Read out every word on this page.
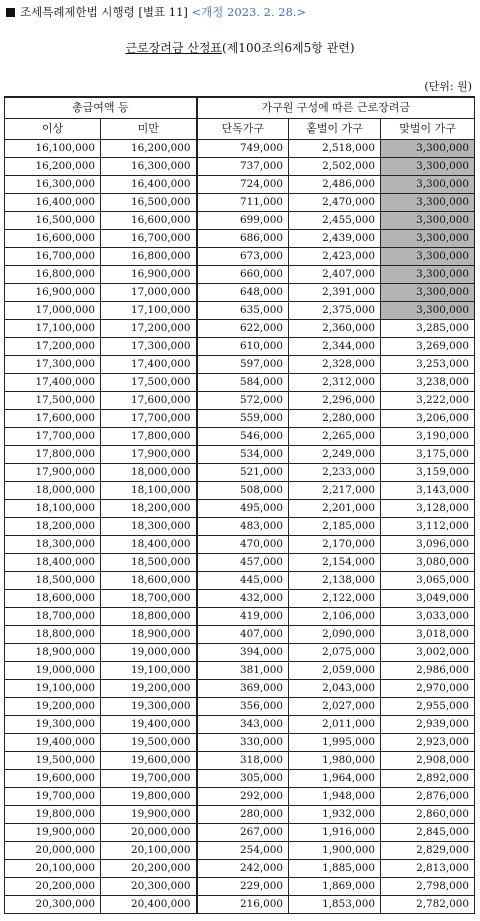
조세특례제한법 시행령 [별표 11] <개정 2023. 2. 28.>
근로장려금 산정표(제100조의6제5항 관련)
(단위: 원)
총급여액 등		가구원 구성에 따른 근로장려금		
이상	미만	단독가구	홑벌이 가구	맞벌이 가구
16,100,000	16,200,000	749,000	2,518,000	3,300,000
16,200,000	16,300,000	737,000	2,502,000	3,300,000
16,300,000	16,400,000	724,000	2,486,000	3,300,000
16,400,000	16,500,000	711,000	2,470,000	3,300,000
16,500,000	16,600,000	699,000	2,455,000	3,300,000
16,600,000	16,700,000	686,000	2,439,000	3,300,000
16,700,000	16,800,000	673,000	2,423,000	3,300,000
16,800,000	16,900,000	660,000	2,407,000	3,300,000
16,900,000	17,000,000	648,000	2,391,000	3,300,000
17,000,000	17,100,000	635,000	2,375,000	3,300,000
17,100,000	17,200,000	622,000	2,360,000	3,285,000
17,200,000	17,300,000	610,000	2,344,000	3,269,000
17,300,000	17,400,000	597,000	2,328,000	3,253,000
17,400,000	17,500,000	584,000	2,312,000	3,238,000
17,500,000	17,600,000	572,000	2,296,000	3,222,000
17,600,000	17,700,000	559,000	2,280,000	3,206,000
17,700,000	17,800,000	546,000	2,265,000	3,190,000
17,800,000	17,900,000	534,000	2,249,000	3,175,000
17,900,000	18,000,000	521,000	2,233,000	3,159,000
18,000,000	18,100,000	508,000	2,217,000	3,143,000
18,100,000	18,200,000	495,000	2,201,000	3,128,000
18,200,000	18,300,000	483,000	2,185,000	3,112,000
18,300,000	18,400,000	470,000	2,170,000	3,096,000
18,400,000	18,500,000	457,000	2,154,000	3,080,000
18,500,000	18,600,000	445,000	2,138,000	3,065,000
18,600,000	18,700,000	432,000	2,122,000	3,049,000
18,700,000	18,800,000	419,000	2,106,000	3,033,000
18,800,000	18,900,000	407,000	2,090,000	3,018,000
18,900,000	19,000,000	394,000	2,075,000	3,002,000
19,000,000	19,100,000	381,000	2,059,000	2,986,000
19,100,000	19,200,000	369,000	2,043,000	2,970,000
19,200,000	19,300,000	356,000	2,027,000	2,955,000
19,300,000	19,400,000	343,000	2,011,000	2,939,000
19,400,000	19,500,000	330,000	1,995,000	2,923,000
19,500,000	19,600,000	318,000	1,980,000	2,908,000
19,600,000	19,700,000	305,000	1,964,000	2,892,000
19,700,000	19,800,000	292,000	1,948,000	2,876,000
19,800,000	19,900,000	280,000	1,932,000	2,860,000
19,900,000	20,000,000	267,000	1,916,000	2,845,000
20,000,000	20,100,000	254,000	1,900,000	2,829,000
20,100,000	20,200,000	242,000	1,885,000	2,813,000
20,200,000	20,300,000	229,000	1,869,000	2,798,000
20,300,000	20,400,000	216,000	1,853,000	2,782,000
